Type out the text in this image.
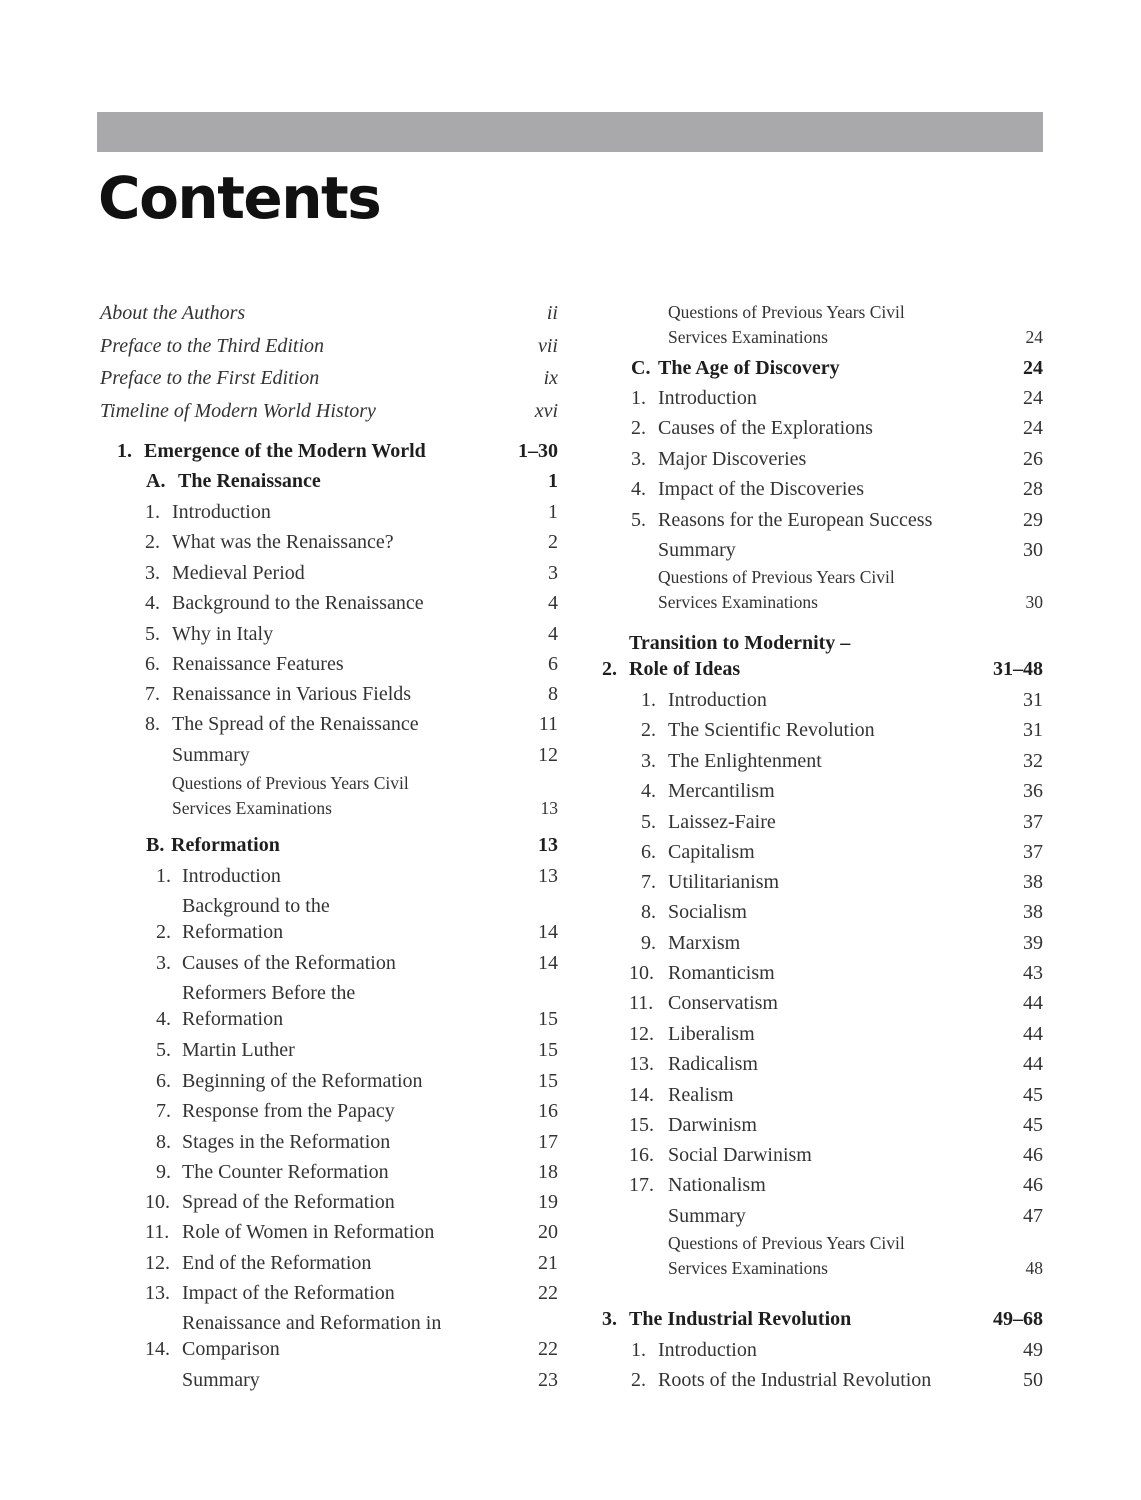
Contents
About the Authors	ii
Preface to the Third Edition	vii
Preface to the First Edition	ix
Timeline of Modern World History	xvi
1. Emergence of the Modern World	1–30
A. The Renaissance	1
1. Introduction	1
2. What was the Renaissance?	2
3. Medieval Period	3
4. Background to the Renaissance	4
5. Why in Italy	4
6. Renaissance Features	6
7. Renaissance in Various Fields	8
8. The Spread of the Renaissance	11
Summary	12
Questions of Previous Years Civil
Services Examinations	13
B. Reformation	13
1. Introduction	13
2.
Background to the
Reformation	14
3. Causes of the Reformation	14
4.
Reformers Before the
Reformation	15
5. Martin Luther	15
6. Beginning of the Reformation	15
7. Response from the Papacy	16
8. Stages in the Reformation	17
9. The Counter Reformation	18
10. Spread of the Reformation	19
11. Role of Women in Reformation	20
12. End of the Reformation	21
13. Impact of the Reformation	22
14.
Renaissance and Reformation in
Comparison	22
Summary	23
Questions of Previous Years Civil
Services Examinations	24
C. The Age of Discovery	24
1. Introduction	24
2. Causes of the Explorations	24
3. Major Discoveries	26
4. Impact of the Discoveries	28
5. Reasons for the European Success	29
Summary	30
Questions of Previous Years Civil
Services Examinations	30
2.
Transition to Modernity –
Role of Ideas	31–48
1. Introduction	31
2. The Scientific Revolution	31
3. The Enlightenment	32
4. Mercantilism	36
5. Laissez-Faire	37
6. Capitalism	37
7. Utilitarianism	38
8. Socialism	38
9. Marxism	39
10. Romanticism	43
11. Conservatism	44
12. Liberalism	44
13. Radicalism	44
14. Realism	45
15. Darwinism	45
16. Social Darwinism	46
17. Nationalism	46
Summary	47
Questions of Previous Years Civil
Services Examinations	48
3. The Industrial Revolution	49–68
1. Introduction	49
2. Roots of the Industrial Revolution	50
